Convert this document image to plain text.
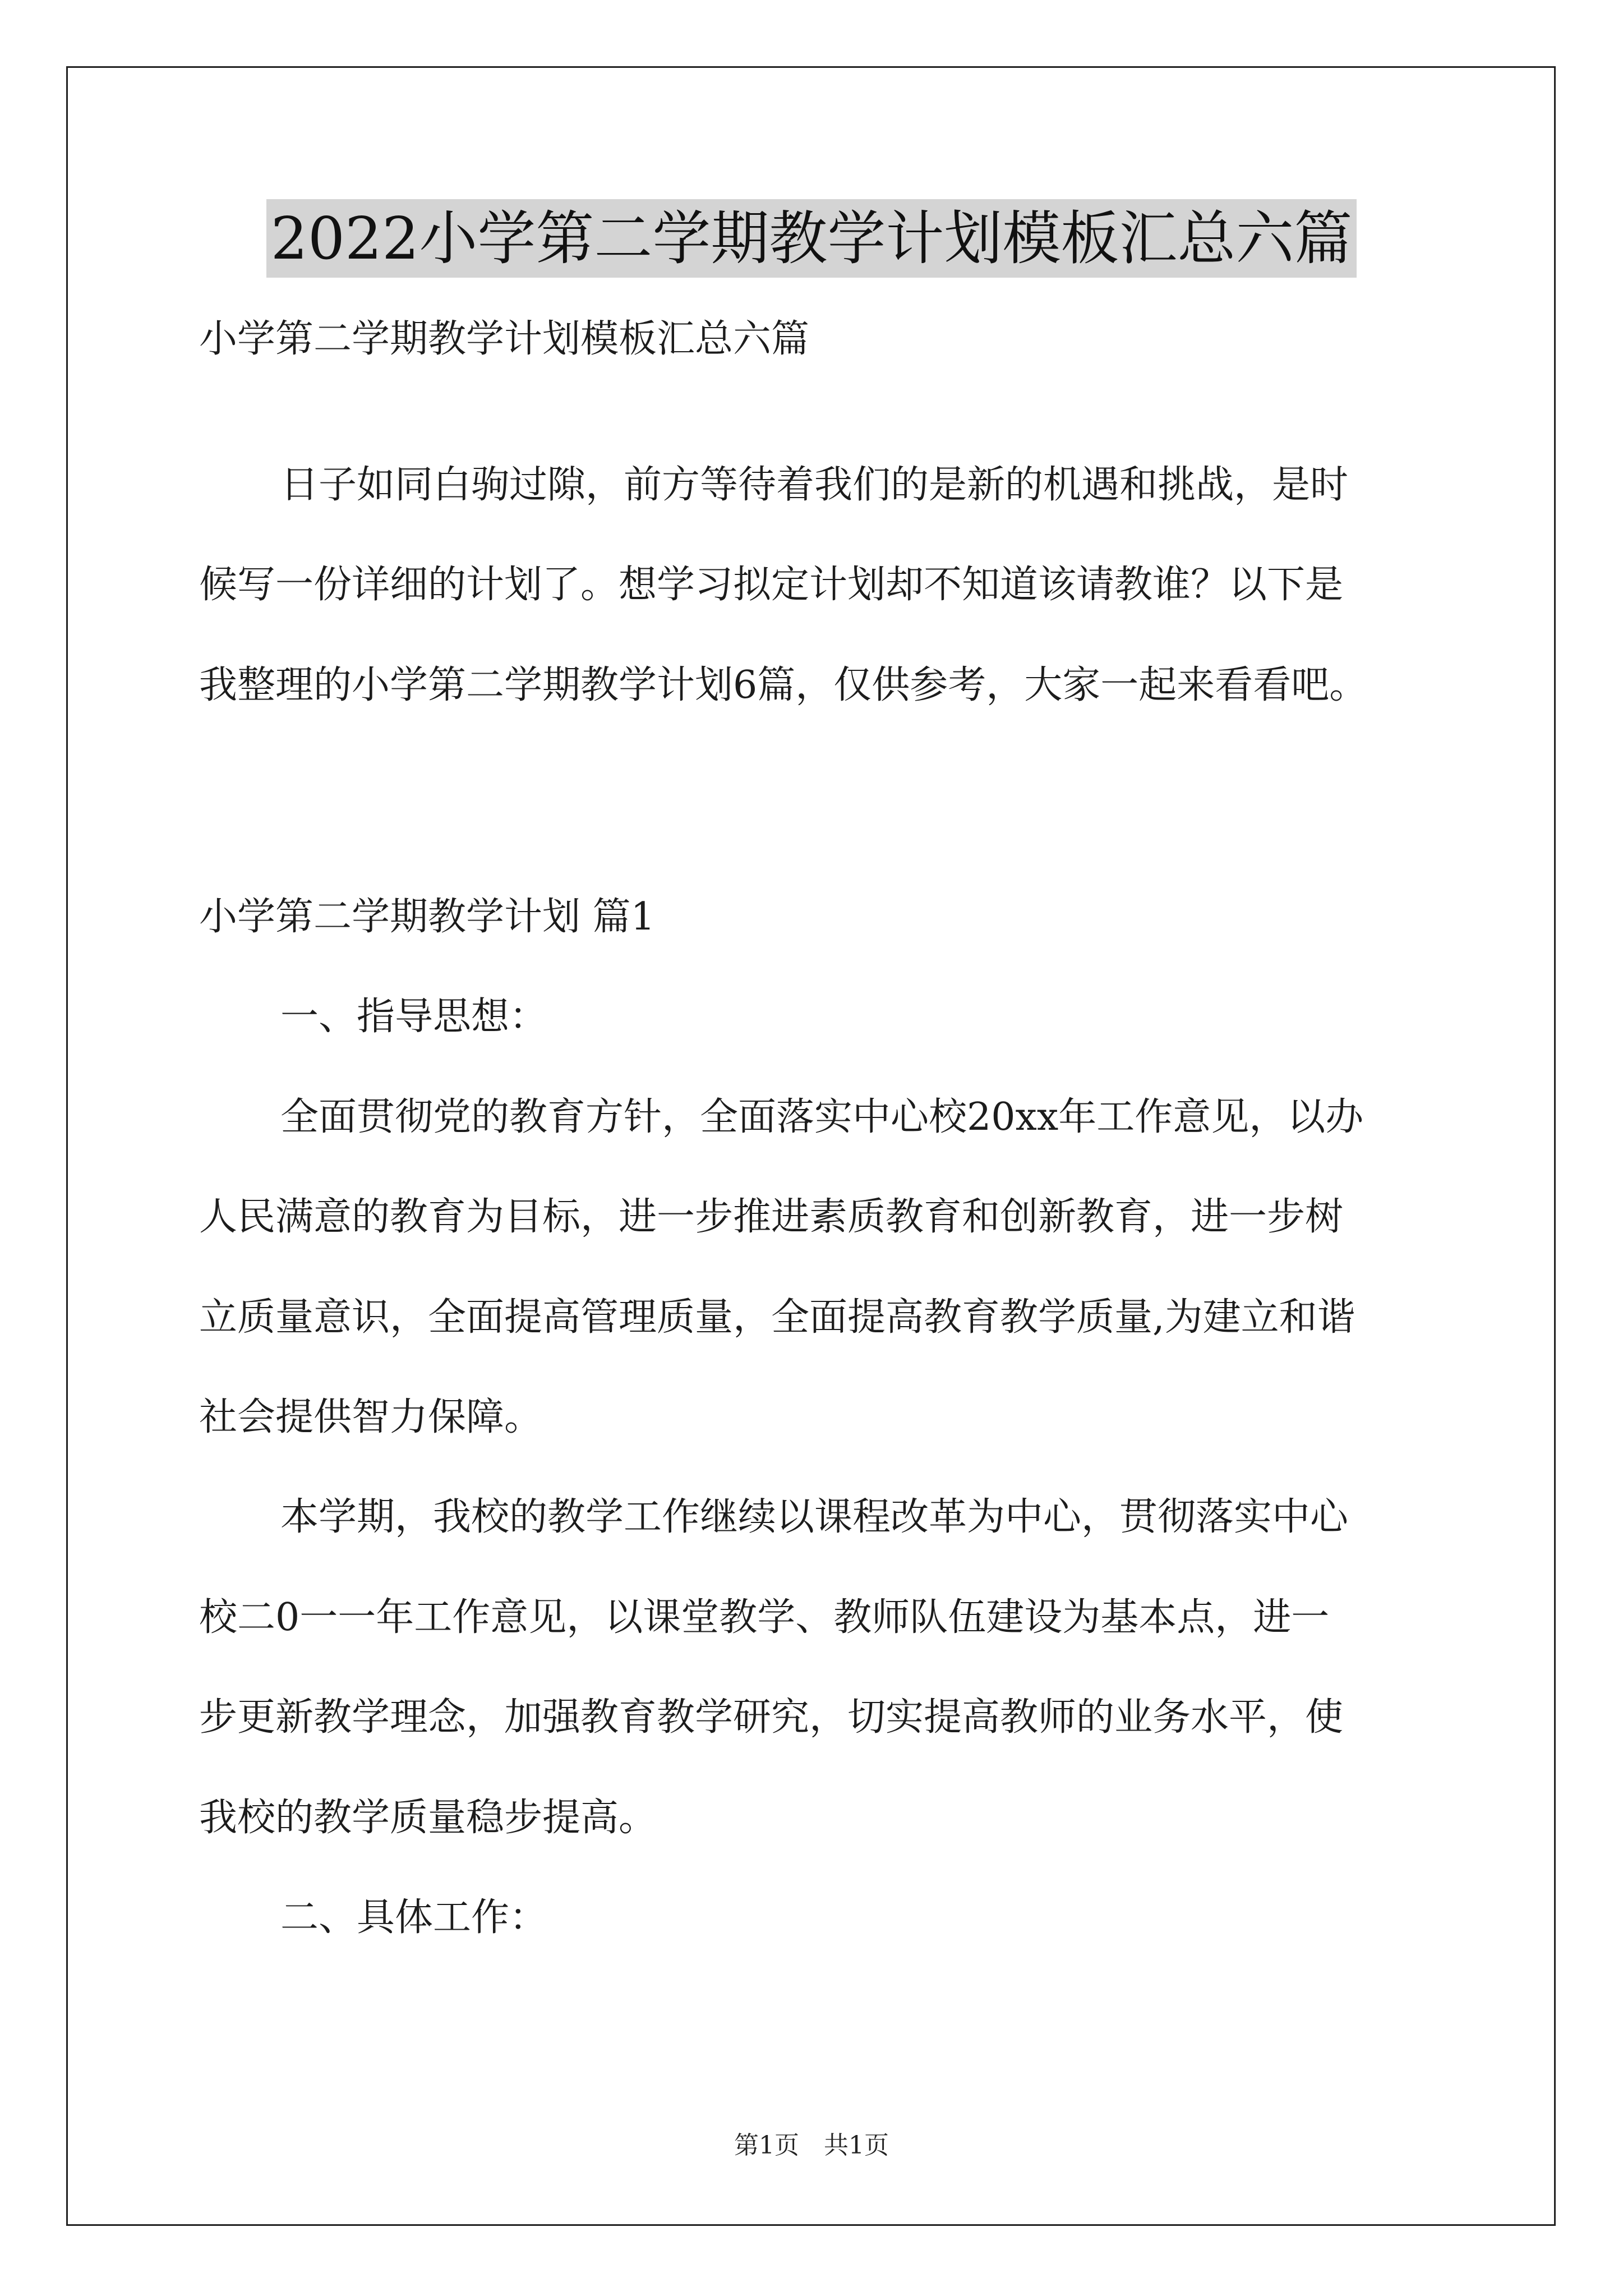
2022小学第二学期教学计划模板汇总六篇
小学第二学期教学计划模板汇总六篇
日子如同白驹过隙，前方等待着我们的是新的机遇和挑战，是时
候写一份详细的计划了。想学习拟定计划却不知道该请教谁？以下是
我整理的小学第二学期教学计划6篇，仅供参考，大家一起来看看吧。
小学第二学期教学计划 篇1
一、指导思想：
全面贯彻党的教育方针，全面落实中心校20xx年工作意见，以办
人民满意的教育为目标，进一步推进素质教育和创新教育，进一步树
立质量意识，全面提高管理质量，全面提高教育教学质量,为建立和谐
社会提供智力保障。
本学期，我校的教学工作继续以课程改革为中心，贯彻落实中心
校二0一一年工作意见，以课堂教学、教师队伍建设为基本点，进一
步更新教学理念，加强教育教学研究，切实提高教师的业务水平，使
我校的教学质量稳步提高。
二、具体工作：
第1页　共1页
